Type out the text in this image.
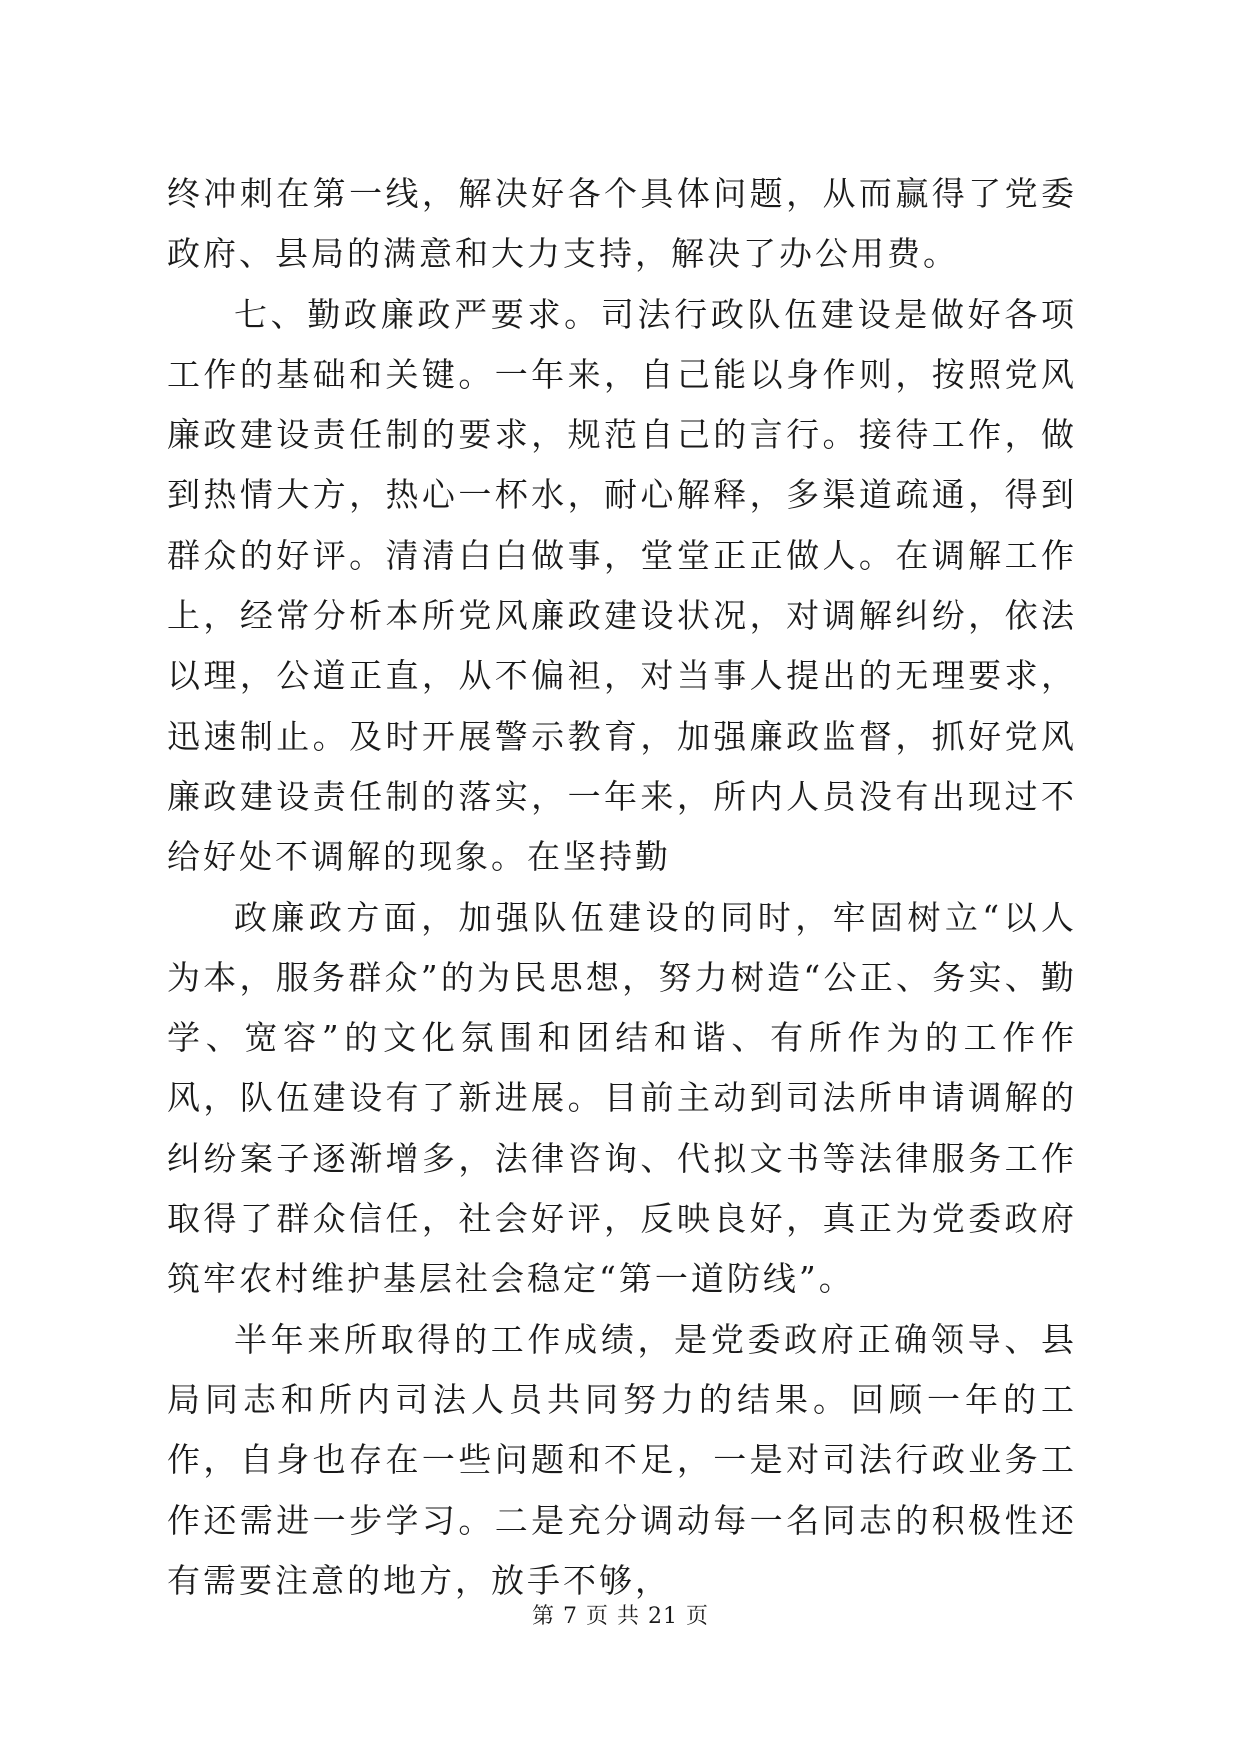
终冲刺在第一线，解决好各个具体问题，从而赢得了党委政府、县局的满意和大力支持，解决了办公用费。

七、勤政廉政严要求。司法行政队伍建设是做好各项工作的基础和关键。一年来，自己能以身作则，按照党风廉政建设责任制的要求，规范自己的言行。接待工作，做到热情大方，热心一杯水，耐心解释，多渠道疏通，得到群众的好评。清清白白做事，堂堂正正做人。在调解工作上，经常分析本所党风廉政建设状况，对调解纠纷，依法以理，公道正直，从不偏袒，对当事人提出的无理要求，迅速制止。及时开展警示教育，加强廉政监督，抓好党风廉政建设责任制的落实，一年来，所内人员没有出现过不给好处不调解的现象。在坚持勤

政廉政方面，加强队伍建设的同时，牢固树立“以人为本，服务群众”的为民思想，努力树造“公正、务实、勤学、宽容”的文化氛围和团结和谐、有所作为的工作作风，队伍建设有了新进展。目前主动到司法所申请调解的纠纷案子逐渐增多，法律咨询、代拟文书等法律服务工作取得了群众信任，社会好评，反映良好，真正为党委政府筑牢农村维护基层社会稳定“第一道防线”。

半年来所取得的工作成绩，是党委政府正确领导、县局同志和所内司法人员共同努力的结果。回顾一年的工作，自身也存在一些问题和不足，一是对司法行政业务工作还需进一步学习。二是充分调动每一名同志的积极性还有需要注意的地方，放手不够，

第 7 页 共 21 页
